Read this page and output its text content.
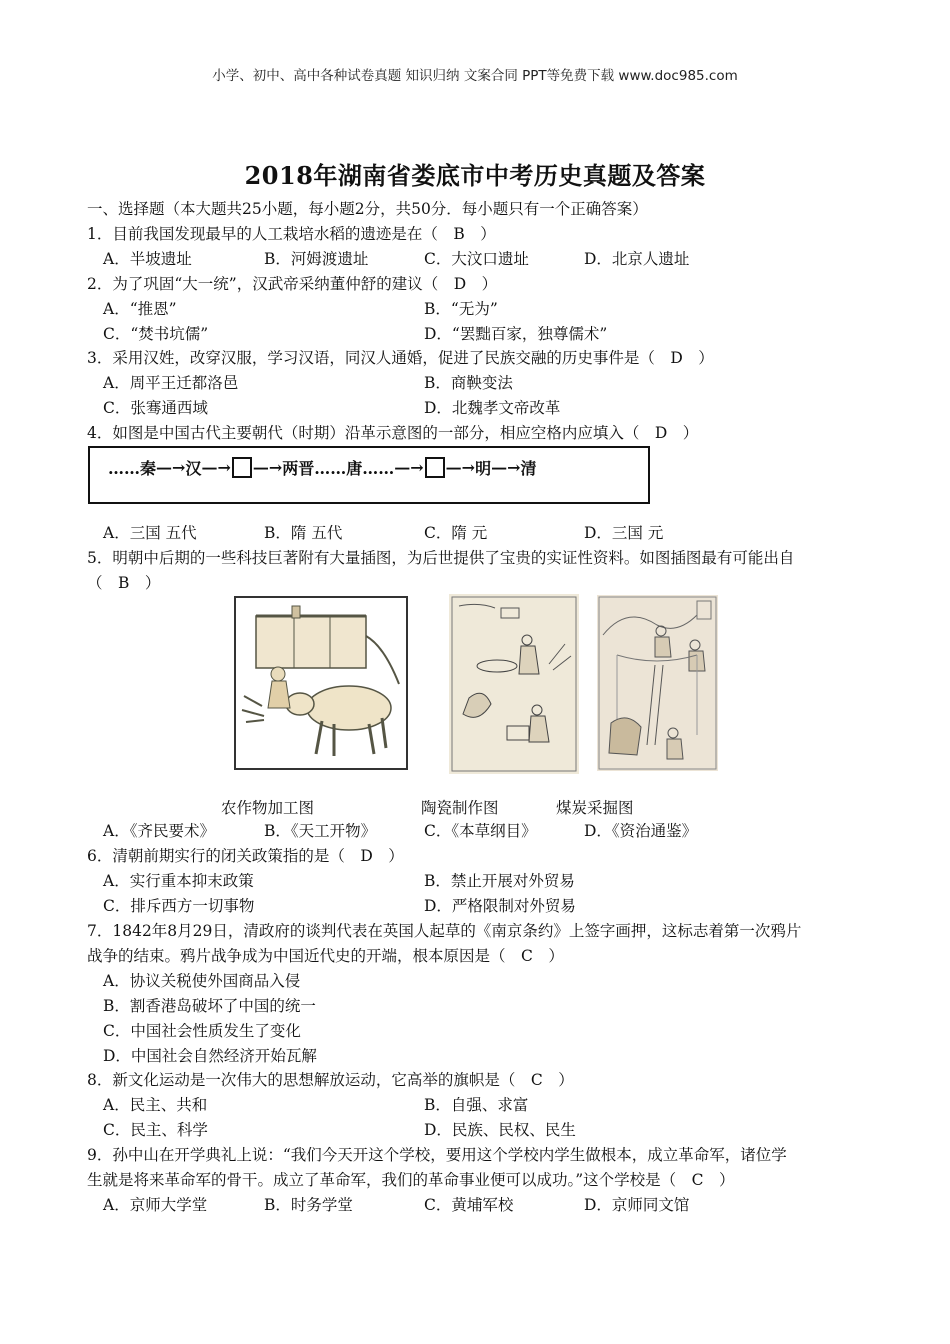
小学、初中、高中各种试卷真题 知识归纳 文案合同 PPT等免费下载 www.doc985.com
2018年湖南省娄底市中考历史真题及答案
一、选择题（本大题共25小题，每小题2分，共50分．每小题只有一个正确答案）
1．目前我国发现最早的人工栽培水稻的遗迹是在（　B　）
A．半坡遗址	B．河姆渡遗址	C．大汶口遗址	D．北京人遗址
2．为了巩固“大一统”，汉武帝采纳董仲舒的建议（　D　）
A．“推恩”	B．“无为”
C．“焚书坑儒”	D．“罢黜百家，独尊儒术”
3．采用汉姓，改穿汉服，学习汉语，同汉人通婚，促进了民族交融的历史事件是（　D　）
A．周平王迁都洛邑	B．商鞅变法
C．张骞通西域	D．北魏孝文帝改革
4．如图是中国古代主要朝代（时期）沿革示意图的一部分，相应空格内应填入（　D　）
……秦 —→ 汉 —→ —→ 两晋……唐…… —→ —→ 明 —→ 清
A．三国 五代	B．隋 五代	C．隋 元	D．三国 元
5．明朝中后期的一些科技巨著附有大量插图，为后世提供了宝贵的实证性资料。如图插图最有可能出自
（　B　）
农作物加工图	陶瓷制作图	煤炭采掘图
A．《齐民要术》	B．《天工开物》	C．《本草纲目》	D．《资治通鉴》
6．清朝前期实行的闭关政策指的是（　D　）
A．实行重本抑末政策	B．禁止开展对外贸易
C．排斥西方一切事物	D．严格限制对外贸易
7．1842年8月29日，清政府的谈判代表在英国人起草的《南京条约》上签字画押，这标志着第一次鸦片
战争的结束。鸦片战争成为中国近代史的开端，根本原因是（　C　）
A．协议关税使外国商品入侵
B．割香港岛破坏了中国的统一
C．中国社会性质发生了变化
D．中国社会自然经济开始瓦解
8．新文化运动是一次伟大的思想解放运动，它高举的旗帜是（　C　）
A．民主、共和	B．自强、求富
C．民主、科学	D．民族、民权、民生
9．孙中山在开学典礼上说：“我们今天开这个学校，要用这个学校内学生做根本，成立革命军，诸位学
生就是将来革命军的骨干。成立了革命军，我们的革命事业便可以成功。”这个学校是（　C　）
A．京师大学堂	B．时务学堂	C．黄埔军校	D．京师同文馆
